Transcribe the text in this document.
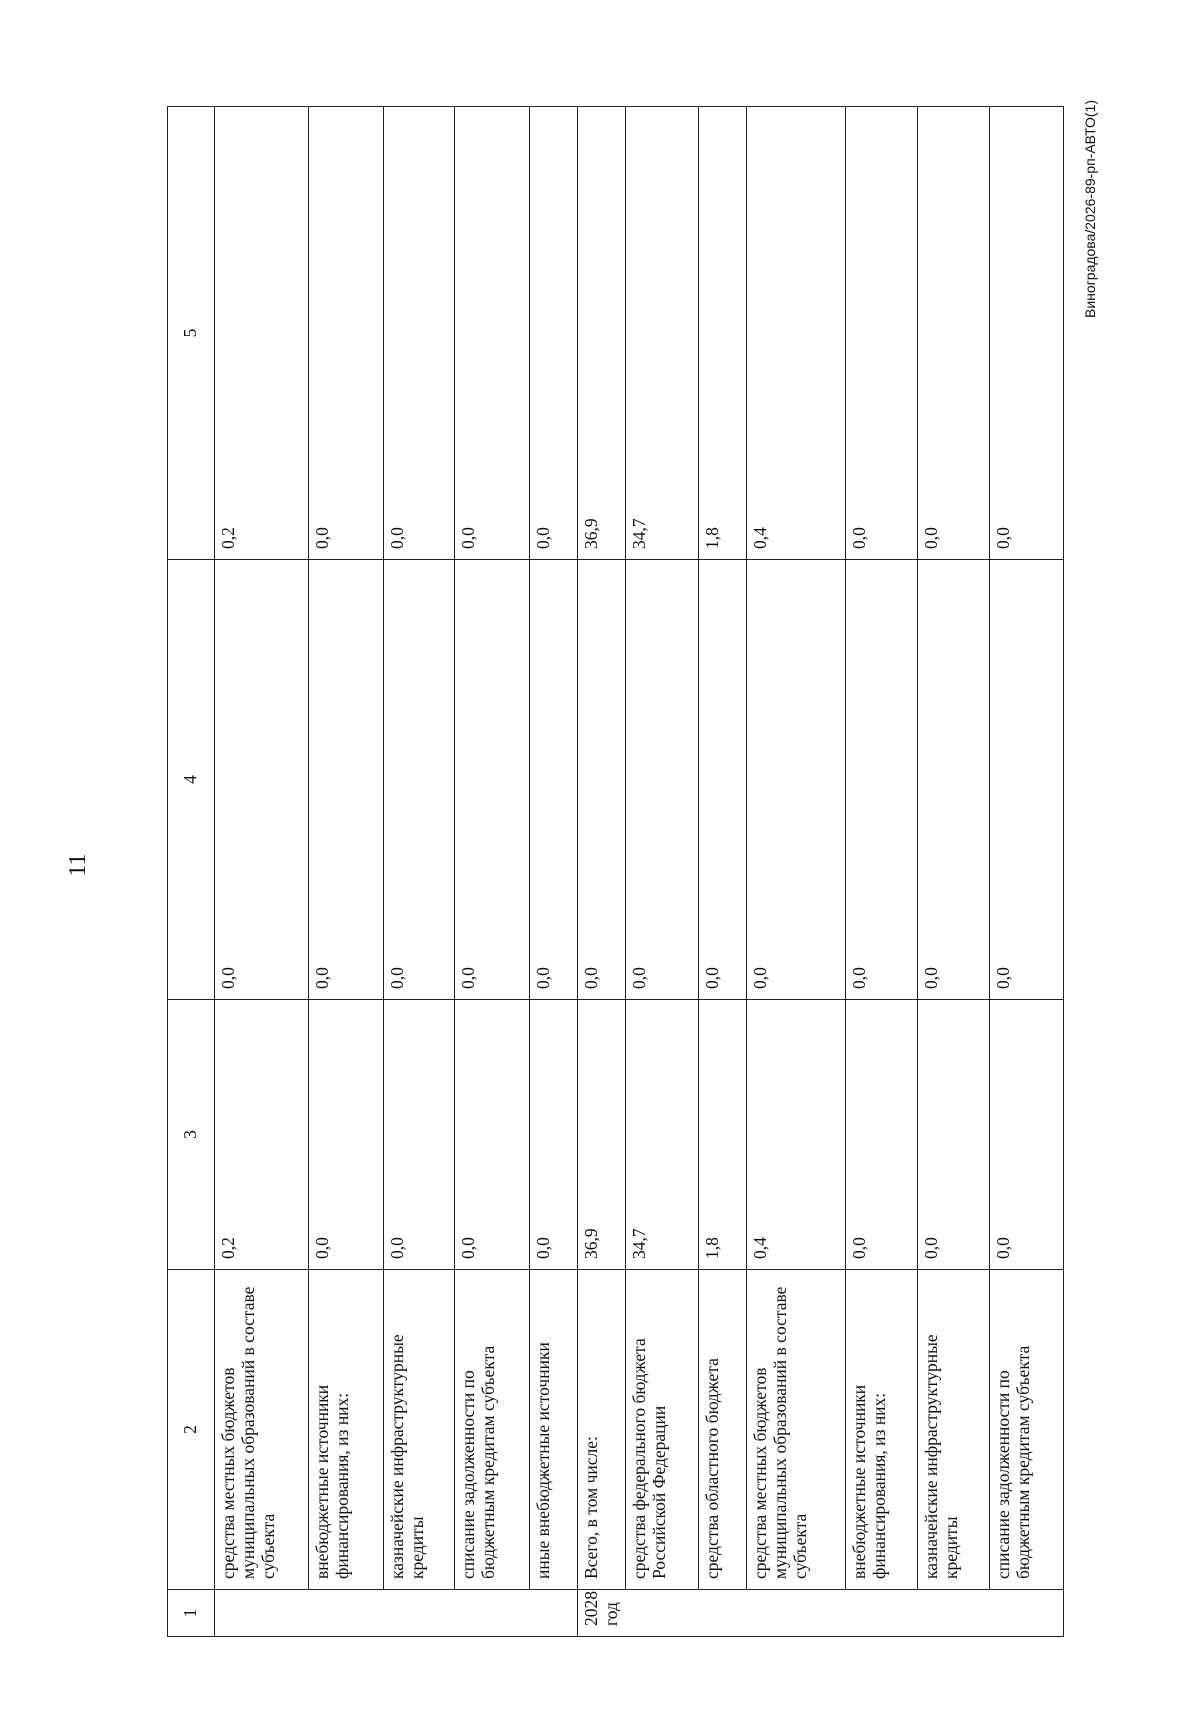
11
1	2	3	4	5
	средства местных бюджетов муниципальных образований в составе субъекта	0,2	0,0	0,2
	внебюджетные источники финансирования, из них:	0,0	0,0	0,0
	казначейские инфраструктурные кредиты	0,0	0,0	0,0
	списание задолженности по бюджетным кредитам субъекта	0,0	0,0	0,0
	иные внебюджетные источники	0,0	0,0	0,0
2028 год	Всего, в том числе:	36,9	0,0	36,9
	средства федерального бюджета Российской Федерации	34,7	0,0	34,7
	средства областного бюджета	1,8	0,0	1,8
	средства местных бюджетов муниципальных образований в составе субъекта	0,4	0,0	0,4
	внебюджетные источники финансирования, из них:	0,0	0,0	0,0
	казначейские инфраструктурные кредиты	0,0	0,0	0,0
	списание задолженности по бюджетным кредитам субъекта	0,0	0,0	0,0
Виноградова/2026-89-рп-АВТО(1)
